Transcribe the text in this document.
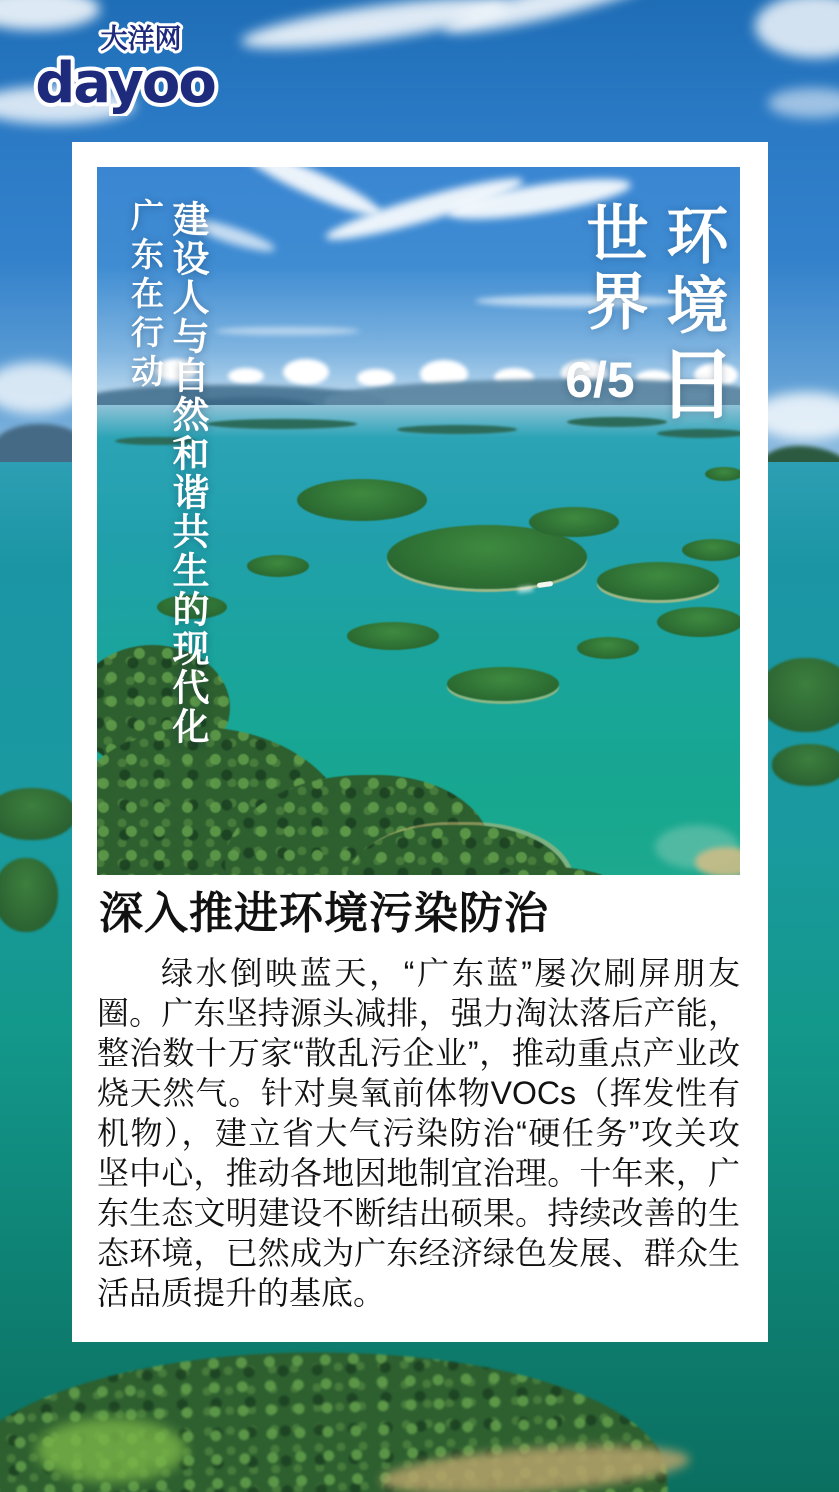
大洋网
dayoo
广东在行动 建设人与自然和谐共生的现代化	世界 环境日
6/5
深入推进环境污染防治

绿水倒映蓝天，“广东蓝”屡次刷屏朋友圈。广东坚持源头减排，强力淘汰落后产能，整治数十万家“散乱污企业”，推动重点产业改烧天然气。针对臭氧前体物VOCs（挥发性有机物），建立省大气污染防治“硬任务”攻关攻坚中心，推动各地因地制宜治理。十年来，广东生态文明建设不断结出硕果。持续改善的生态环境，已然成为广东经济绿色发展、群众生活品质提升的基底。
